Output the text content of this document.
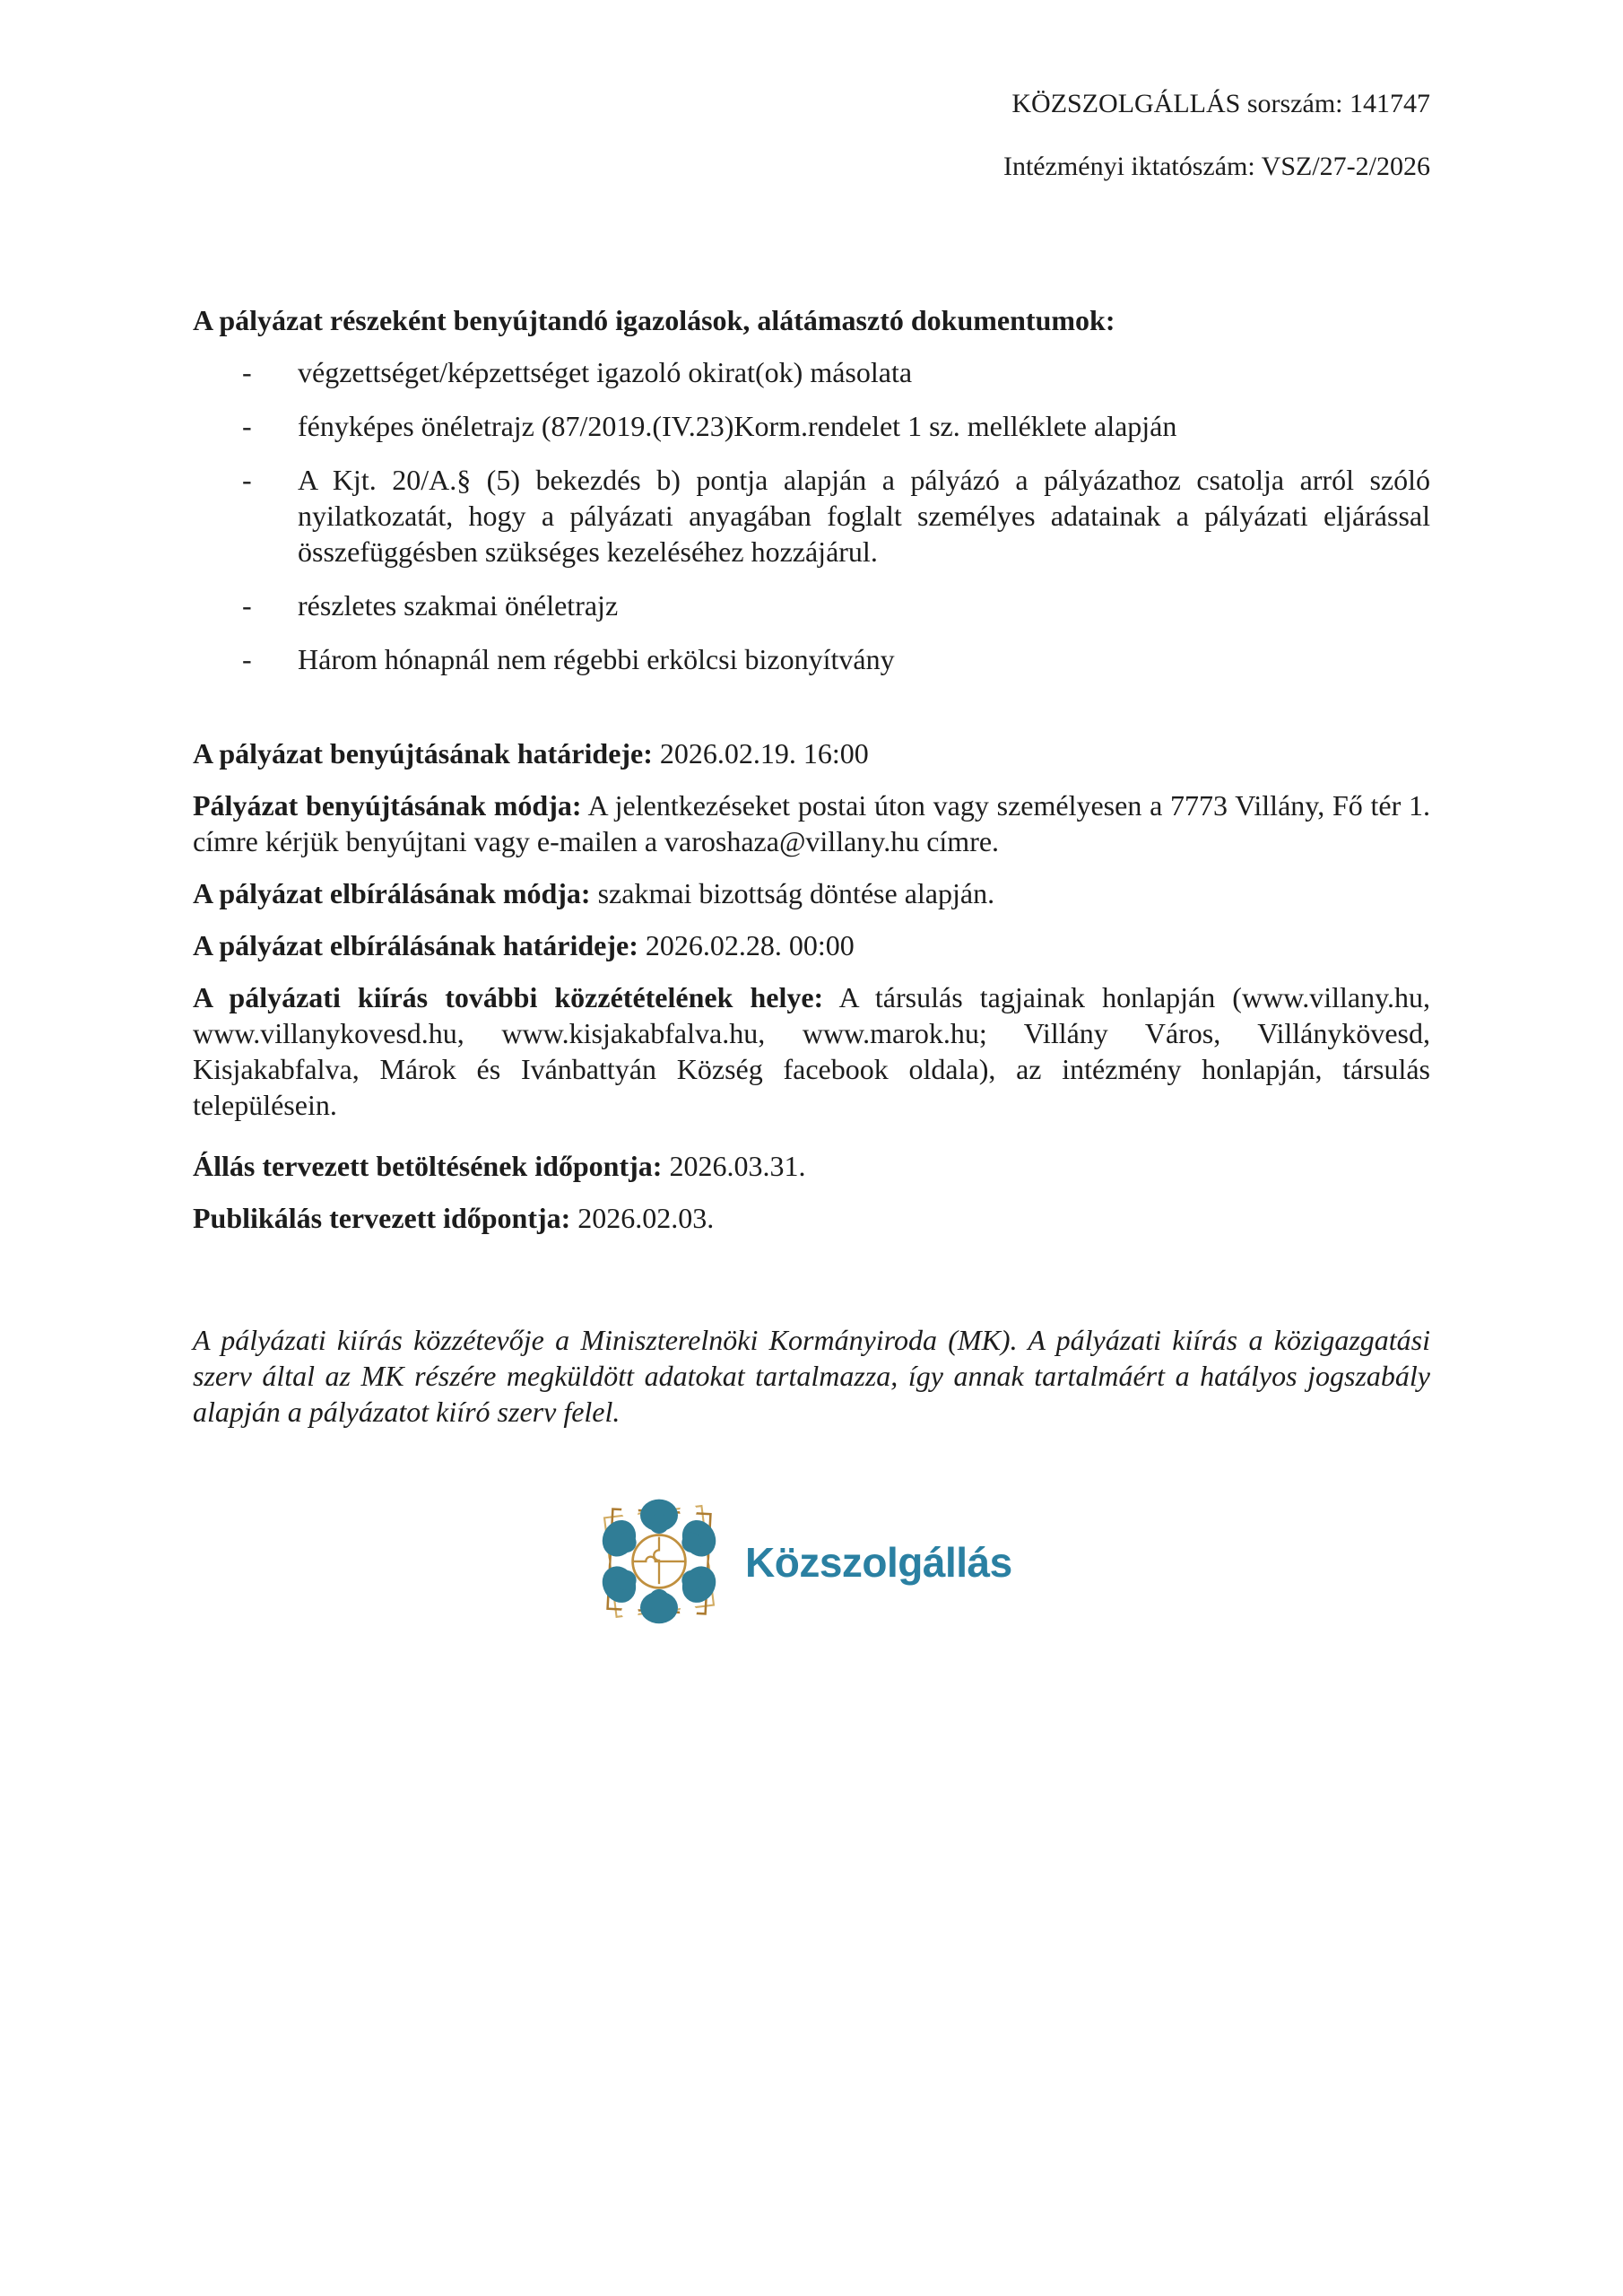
KÖZSZOLGÁLLÁS sorszám: 141747

Intézményi iktatószám: VSZ/27-2/2026

A pályázat részeként benyújtandó igazolások, alátámasztó dokumentumok:
- végzettséget/képzettséget igazoló okirat(ok) másolata
- fényképes önéletrajz (87/2019.(IV.23)Korm.rendelet 1 sz. melléklete alapján
- A Kjt. 20/A.§ (5) bekezdés b) pontja alapján a pályázó a pályázathoz csatolja arról szóló nyilatkozatát, hogy a pályázati anyagában foglalt személyes adatainak a pályázati eljárással összefüggésben szükséges kezeléséhez hozzájárul.
- részletes szakmai önéletrajz
- Három hónapnál nem régebbi erkölcsi bizonyítvány

A pályázat benyújtásának határideje: 2026.02.19. 16:00

Pályázat benyújtásának módja: A jelentkezéseket postai úton vagy személyesen a 7773 Villány, Fő tér 1. címre kérjük benyújtani vagy e-mailen a varoshaza@villany.hu címre.

A pályázat elbírálásának módja: szakmai bizottság döntése alapján.

A pályázat elbírálásának határideje: 2026.02.28. 00:00

A pályázati kiírás további közzétételének helye: A társulás tagjainak honlapján (www.villany.hu, www.villanykovesd.hu, www.kisjakabfalva.hu, www.marok.hu; Villány Város, Villánykövesd, Kisjakabfalva, Márok és Ivánbattyán Község facebook oldala), az intézmény honlapján, társulás településein.

Állás tervezett betöltésének időpontja: 2026.03.31.

Publikálás tervezett időpontja: 2026.02.03.

A pályázati kiírás közzétevője a Miniszterelnöki Kormányiroda (MK). A pályázati kiírás a közigazgatási szerv által az MK részére megküldött adatokat tartalmazza, így annak tartalmáért a hatályos jogszabály alapján a pályázatot kiíró szerv felel.

Közszolgállás
